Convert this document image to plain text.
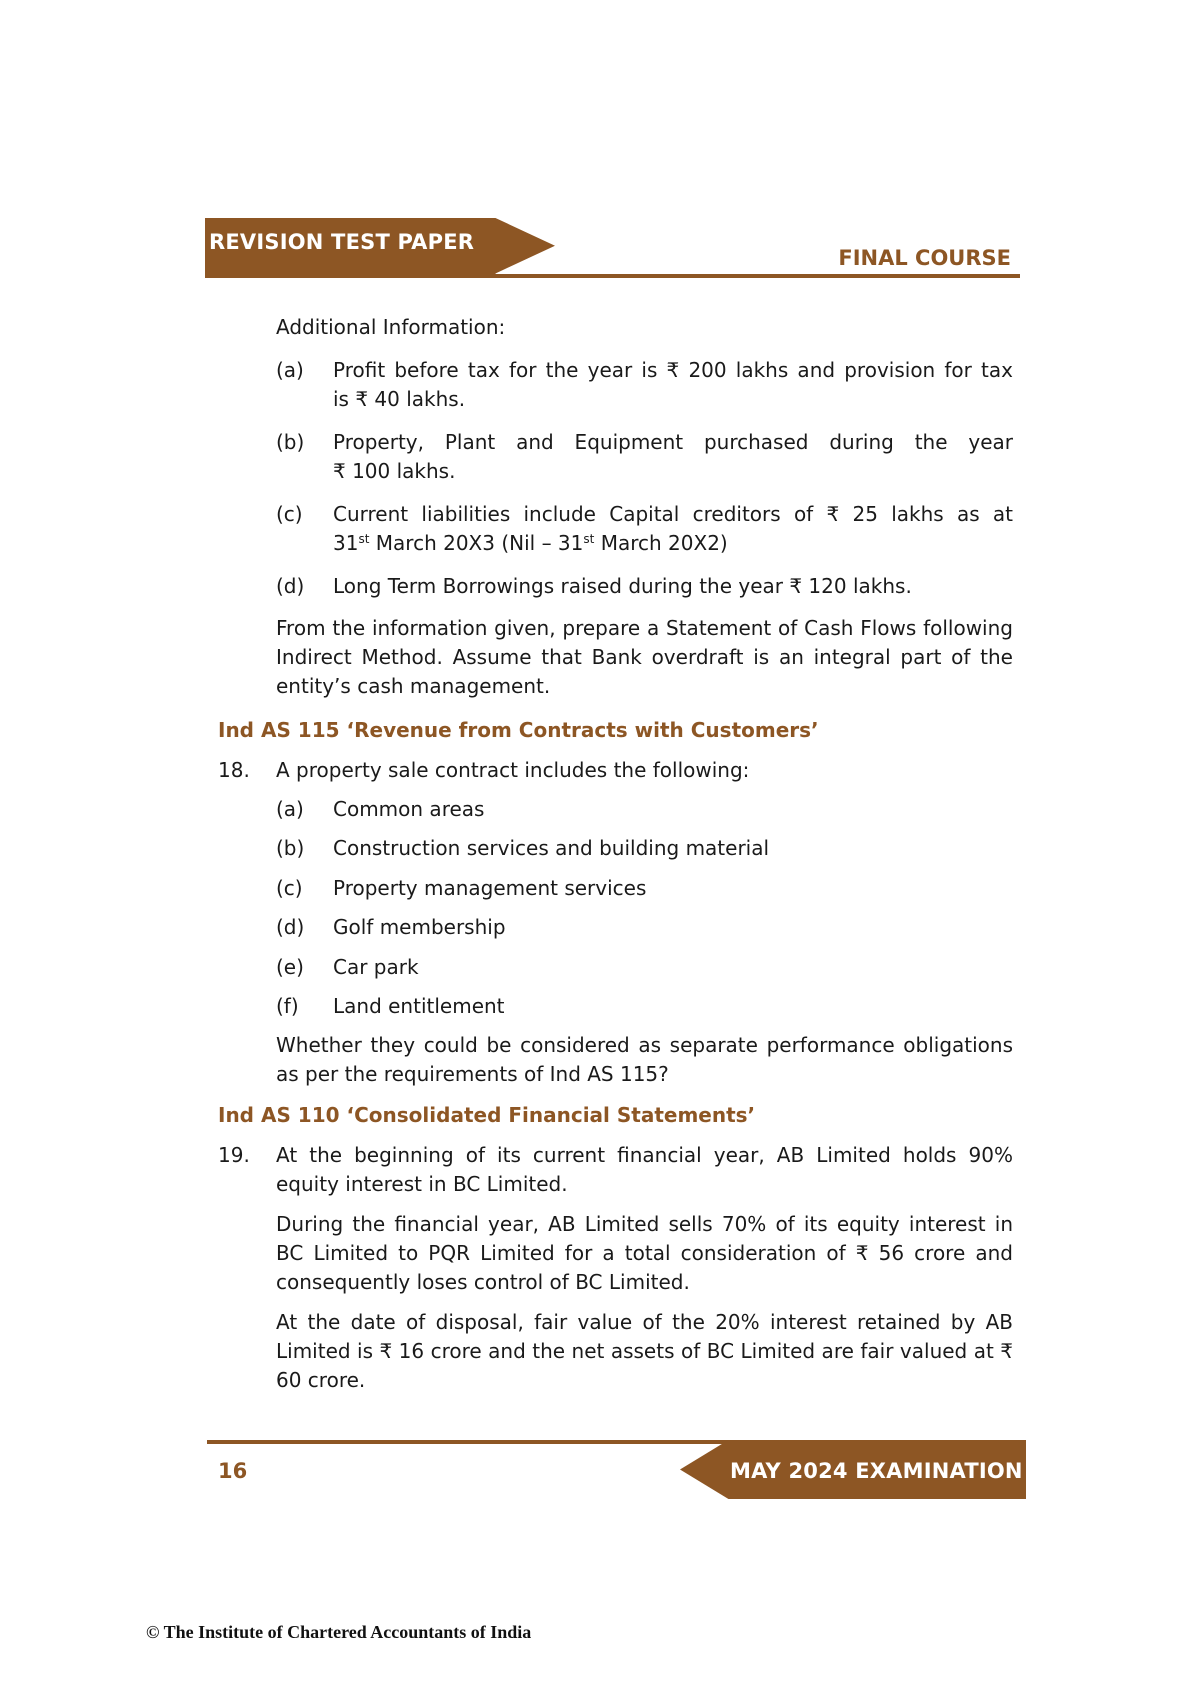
REVISION TEST PAPER
FINAL COURSE
Additional Information:
(a) Profit before tax for the year is ₹ 200 lakhs and provision for tax
is ₹ 40 lakhs.
(b) Property, Plant and Equipment purchased during the year
₹ 100 lakhs.
(c) Current liabilities include Capital creditors of ₹ 25 lakhs as at
31st March 20X3 (Nil – 31st March 20X2)
(d) Long Term Borrowings raised during the year ₹ 120 lakhs.
From the information given, prepare a Statement of Cash Flows following Indirect Method. Assume that Bank overdraft is an integral part of the entity’s cash management.
Ind AS 115 ‘Revenue from Contracts with Customers’
18. A property sale contract includes the following:
(a) Common areas
(b) Construction services and building material
(c) Property management services
(d) Golf membership
(e) Car park
(f) Land entitlement
Whether they could be considered as separate performance obligations as per the requirements of Ind AS 115?
Ind AS 110 ‘Consolidated Financial Statements’
19. At the beginning of its current financial year, AB Limited holds 90% equity interest in BC Limited.
During the financial year, AB Limited sells 70% of its equity interest in BC Limited to PQR Limited for a total consideration of ₹ 56 crore and consequently loses control of BC Limited.
At the date of disposal, fair value of the 20% interest retained by AB Limited is ₹ 16 crore and the net assets of BC Limited are fair valued at ₹ 60 crore.
MAY 2024 EXAMINATION
16
© The Institute of Chartered Accountants of India
